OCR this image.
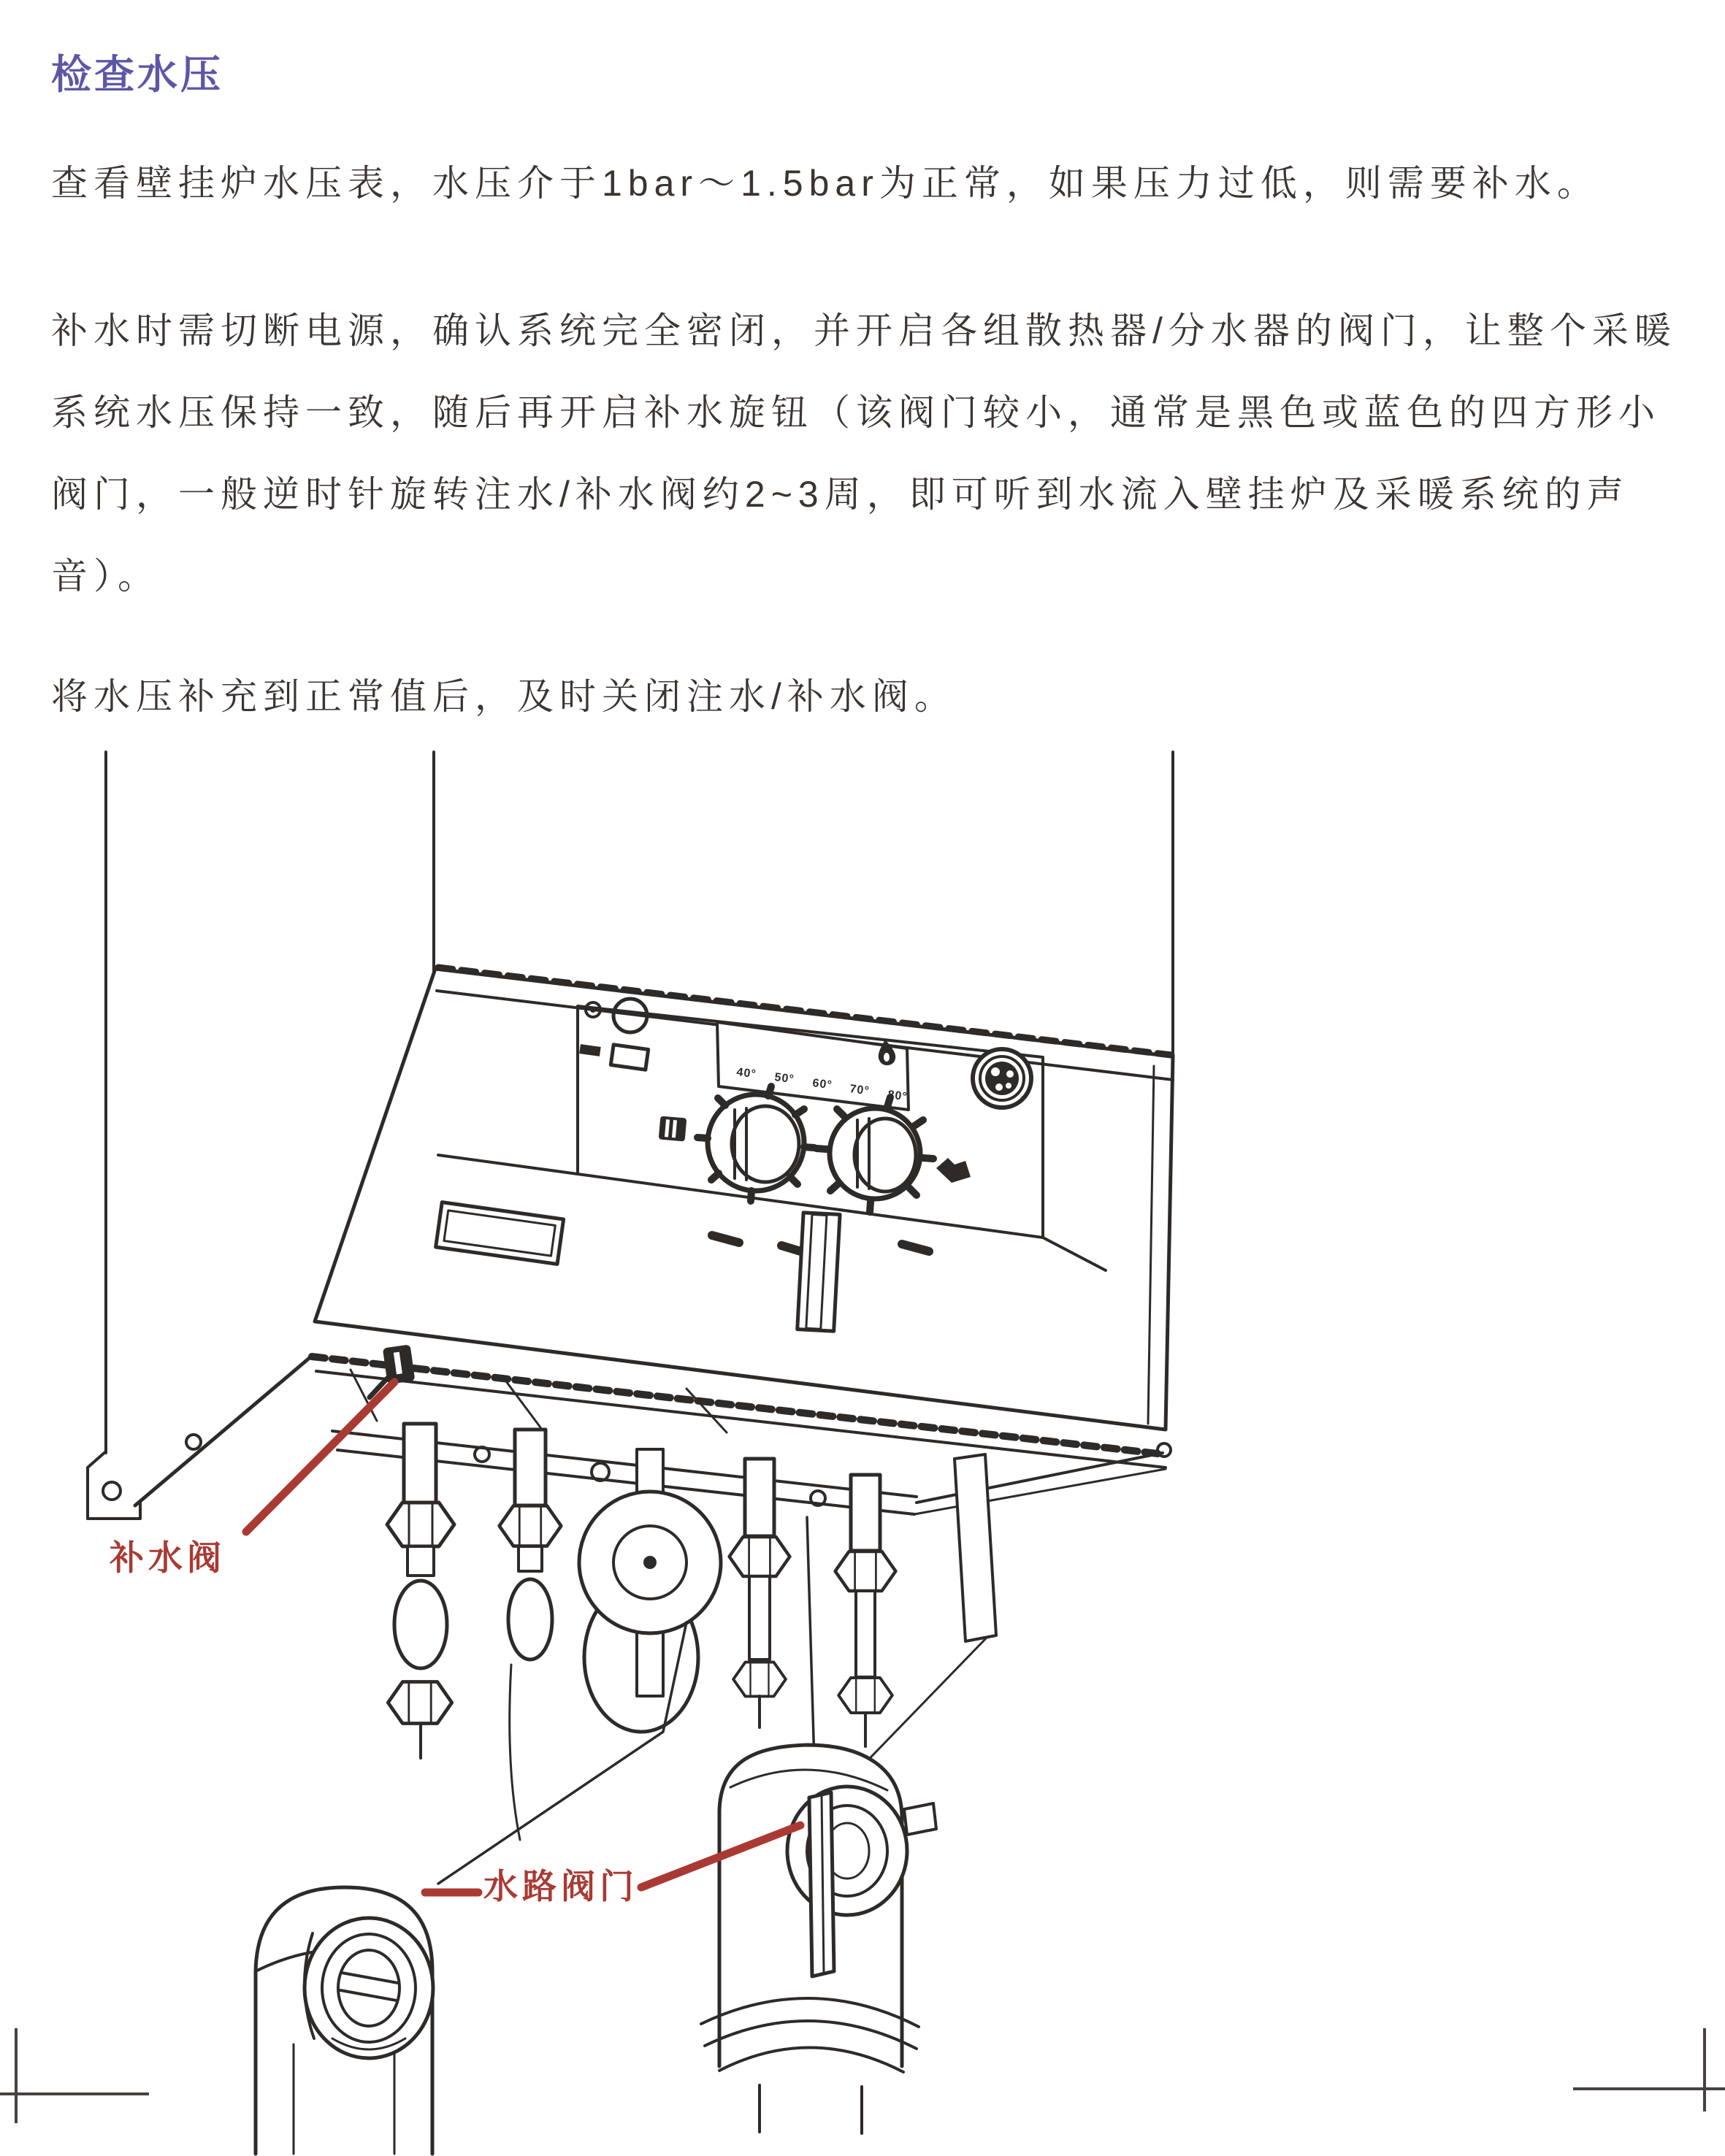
检查水压
查看壁挂炉水压表，水压介于1bar～1.5bar为正常，如果压力过低，则需要补水。
补水时需切断电源，确认系统完全密闭，并开启各组散热器/分水器的阀门，让整个采暖
系统水压保持一致，随后再开启补水旋钮（该阀门较小，通常是黑色或蓝色的四方形小
阀门，一般逆时针旋转注水/补水阀约2~3周，即可听到水流入壁挂炉及采暖系统的声
音）。
将水压补充到正常值后，及时关闭注水/补水阀。
40° 50° 60° 70° 80°
补水阀
水路阀门
